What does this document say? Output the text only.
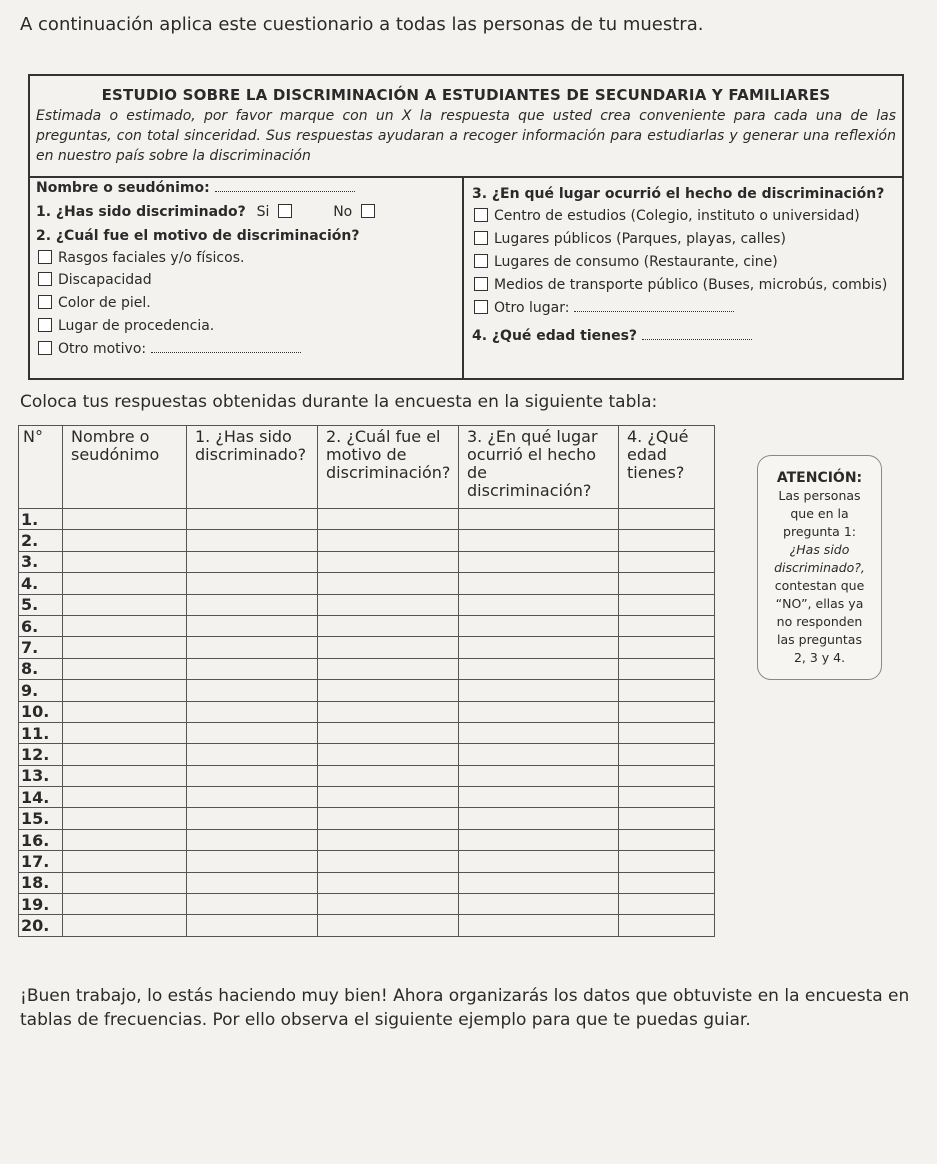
A continuación aplica este cuestionario a todas las personas de tu muestra.
ESTUDIO SOBRE LA DISCRIMINACIÓN A ESTUDIANTES DE SECUNDARIA Y FAMILIARES
Estimada o estimado, por favor marque con un X la respuesta que usted crea conveniente para cada una de las preguntas, con total sinceridad. Sus respuestas ayudaran a recoger información para estudiarlas y generar una reflexión en nuestro país sobre la discriminación
Nombre o seudónimo:
1. ¿Has sido discriminado? Si	No
2. ¿Cuál fue el motivo de discriminación?
Rasgos faciales y/o físicos.
Discapacidad
Color de piel.
Lugar de procedencia.
Otro motivo:
3. ¿En qué lugar ocurrió el hecho de discriminación?
Centro de estudios (Colegio, instituto o universidad)
Lugares públicos (Parques, playas, calles)
Lugares de consumo (Restaurante, cine)
Medios de transporte público (Buses, microbús, combis)
Otro lugar:
4. ¿Qué edad tienes?
Coloca tus respuestas obtenidas durante la encuesta en la siguiente tabla:
N°	Nombre o seudónimo	1. ¿Has sido discriminado?	2. ¿Cuál fue el motivo de discriminación?	3. ¿En qué lugar ocurrió el hecho de discriminación?	4. ¿Qué edad tienes?
1.					
2.					
3.					
4.					
5.					
6.					
7.					
8.					
9.					
10.					
11.					
12.					
13.					
14.					
15.					
16.					
17.					
18.					
19.					
20.					
ATENCIÓN:
Las personas
que en la
pregunta 1:
¿Has sido
discriminado?,
contestan que
“NO”, ellas ya
no responden
las preguntas
2, 3 y 4.
¡Buen trabajo, lo estás haciendo muy bien! Ahora organizarás los datos que obtuviste en la encuesta en tablas de frecuencias. Por ello observa el siguiente ejemplo para que te puedas guiar.
